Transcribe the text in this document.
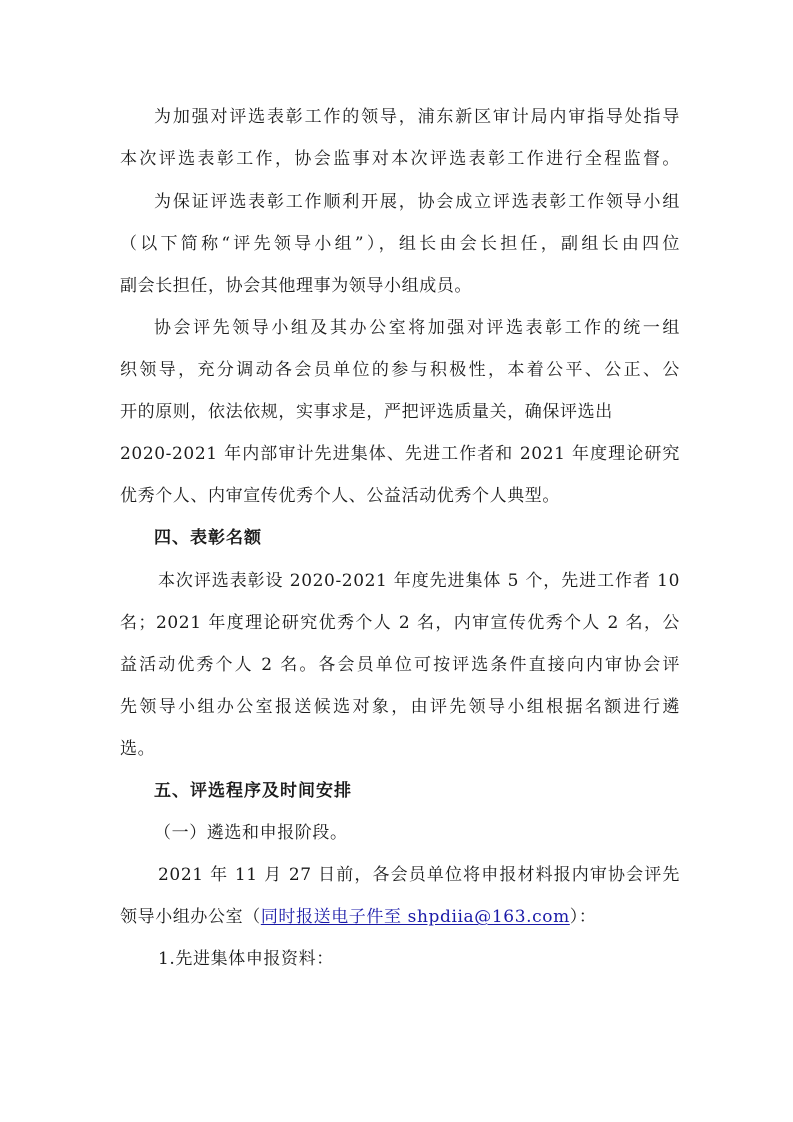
为加强对评选表彰工作的领导，浦东新区审计局内审指导处指导
本次评选表彰工作，协会监事对本次评选表彰工作进行全程监督。
为保证评选表彰工作顺利开展，协会成立评选表彰工作领导小组
（以下简称“评先领导小组”），组长由会长担任，副组长由四位
副会长担任，协会其他理事为领导小组成员。
协会评先领导小组及其办公室将加强对评选表彰工作的统一组
织领导，充分调动各会员单位的参与积极性，本着公平、公正、公
开的原则，依法依规，实事求是，严把评选质量关，确保评选出
2020-2021 年内部审计先进集体、先进工作者和 2021 年度理论研究
优秀个人、内审宣传优秀个人、公益活动优秀个人典型。
四、表彰名额
本次评选表彰设 2020-2021 年度先进集体 5 个，先进工作者 10
名；2021 年度理论研究优秀个人 2 名，内审宣传优秀个人 2 名，公
益活动优秀个人 2 名。各会员单位可按评选条件直接向内审协会评
先领导小组办公室报送候选对象，由评先领导小组根据名额进行遴
选。
五、评选程序及时间安排
（一）遴选和申报阶段。
2021 年 11 月 27 日前，各会员单位将申报材料报内审协会评先
领导小组办公室（同时报送电子件至 shpdiia@163.com）：
1.先进集体申报资料：
